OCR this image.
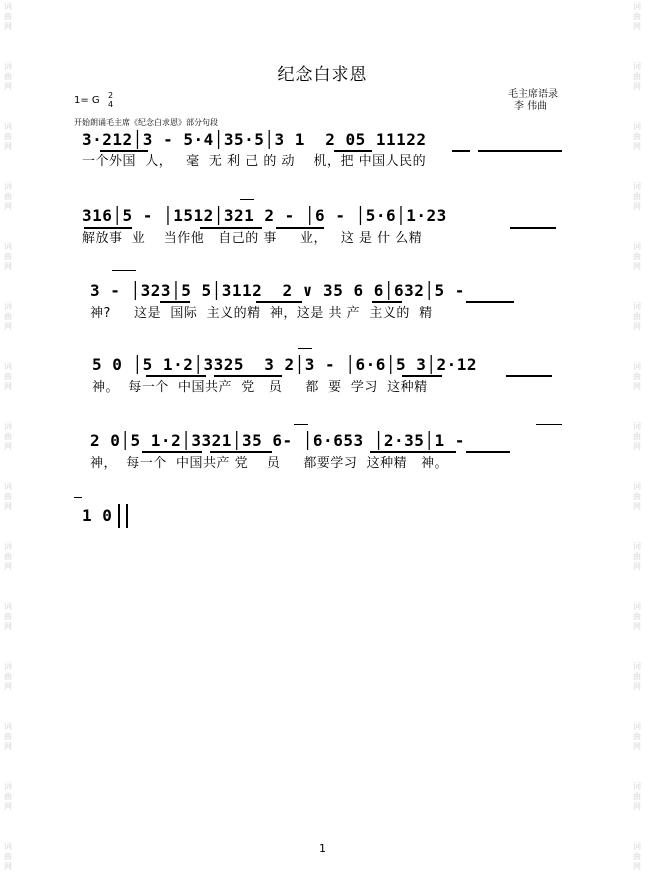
词
曲
网
词
曲
网
词
曲
网
词
曲
网
词
曲
网
词
曲
网
词
曲
网
词
曲
网
词
曲
网
词
曲
网
词
曲
网
词
曲
网
词
曲
网
词
曲
网
词
曲
网
词
曲
网
词
曲
网
词
曲
网
词
曲
网
词
曲
网
词
曲
网
词
曲
网
词
曲
网
词
曲
网
词
曲
网
词
曲
网
词
曲
网
词
曲
网
词
曲
网
词
曲
网
纪念白求恩
毛主席语录
李 伟曲
1= G 2
4
开始朗诵毛主席《纪念白求恩》部分句段
3·212│3 - 5·4│35·5│3 1  2 05 11122
一个外国  人，   毫  无 利 己 的 动    机，把 中国人民的
316│5 - │1512│321 2 - │6 - │5·6│1·23
解放事  业    当作他   自己的 事     业，   这 是 什 么精
3 - │323│5 5│3112  2 ∨ 35 6 6│632│5 -
神?     这是  国际  主义的精  神，这是 共 产  主义的  精
5 0 │5 1·2│3325  3 2│3 - │6·6│5 3│2·12
神。  每一个  中国共产  党   员     都  要  学习  这种精
2 0│5 1·2│3321│35 6- │6·653 │2·35│1 -
神，  每一个  中国共产 党    员     都要学习  这种精   神。
1 0
1
